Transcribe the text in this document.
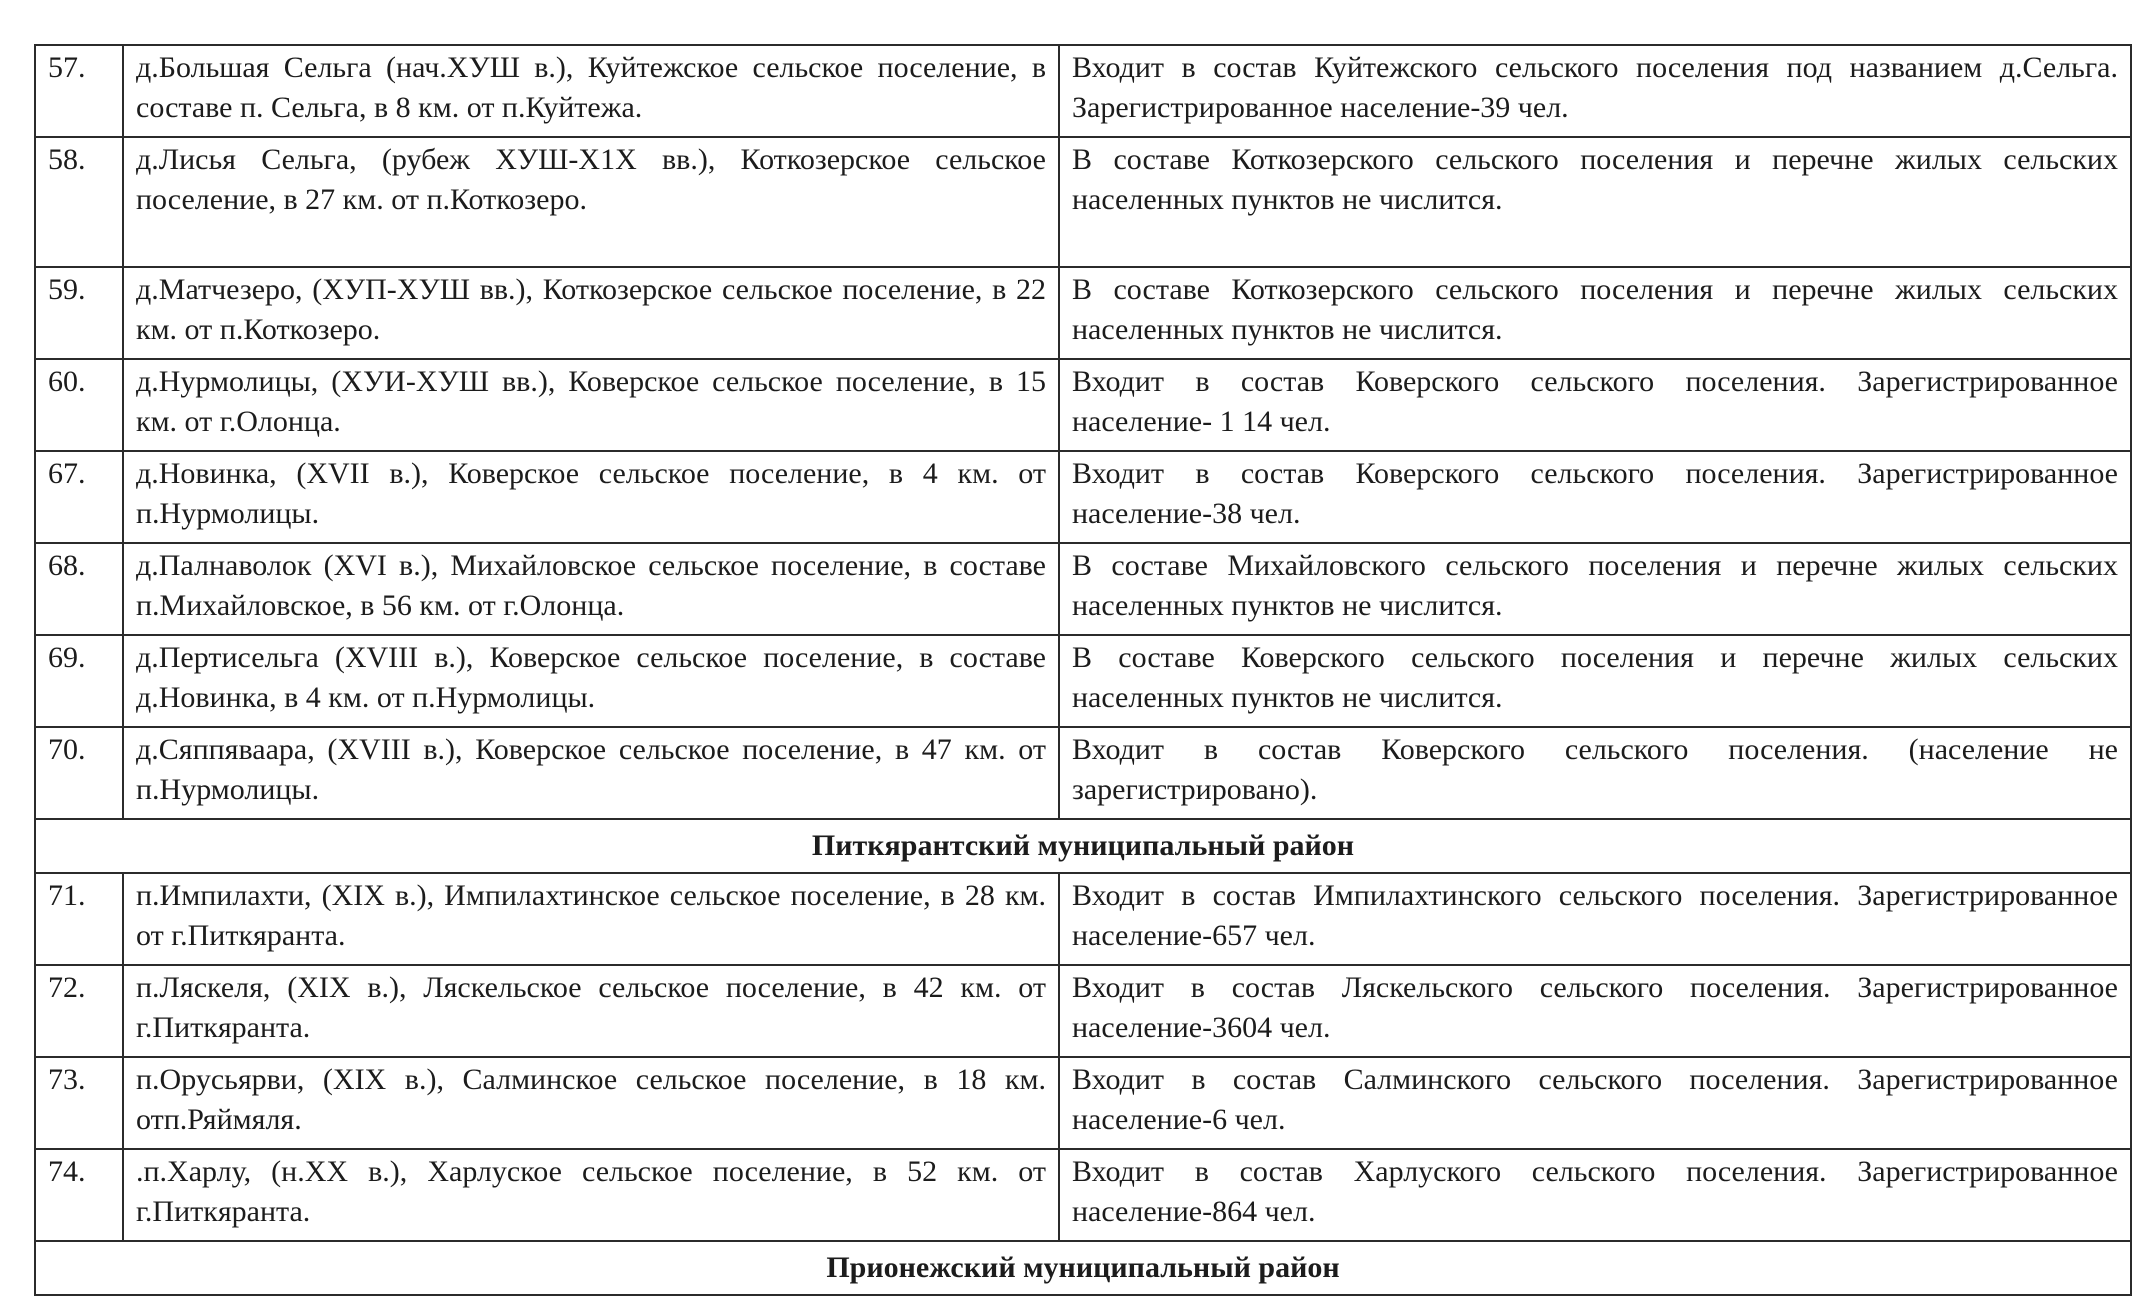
57.	д.Большая Сельга (нач.ХУШ в.), Куйтежское сельское поселение, в составе п. Сельга, в 8 км. от п.Куйтежа.	Входит в состав Куйтежского сельского поселения под названием д.Сельга. Зарегистрированное население-39 чел.
58.	д.Лисья Сельга, (рубеж ХУШ-Х1Х вв.), Коткозерское сельское поселение, в 27 км. от п.Коткозеро.	В составе Коткозерского сельского поселения и перечне жилых сельских населенных пунктов не числится.
59.	д.Матчезеро, (ХУП-ХУШ вв.), Коткозерское сельское поселение, в 22 км. от п.Коткозеро.	В составе Коткозерского сельского поселения и перечне жилых сельских населенных пунктов не числится.
60.	д.Нурмолицы, (ХУИ-ХУШ вв.), Коверское сельское поселение, в 15 км. от г.Олонца.	Входит в состав Коверского сельского поселения. Зарегистрированное население- 1 14 чел.
67.	д.Новинка, (XVII в.), Коверское сельское поселение, в 4 км. от п.Нурмолицы.	Входит в состав Коверского сельского поселения. Зарегистрированное население-38 чел.
68.	д.Палнаволок (XVI в.), Михайловское сельское поселение, в составе п.Михайловское, в 56 км. от г.Олонца.	В составе Михайловского сельского поселения и перечне жилых сельских населенных пунктов не числится.
69.	д.Пертисельга (XVIII в.), Коверское сельское поселение, в составе д.Новинка, в 4 км. от п.Нурмолицы.	В составе Коверского сельского поселения и перечне жилых сельских населенных пунктов не числится.
70.	д.Сяппяваара, (XVIII в.), Коверское сельское поселение, в 47 км. от п.Нурмолицы.	Входит в состав Коверского сельского поселения. (население не зарегистрировано).
Питкярантский муниципальный район		
71.	п.Импилахти, (XIX в.), Импилахтинское сельское поселение, в 28 км. от г.Питкяранта.	Входит в состав Импилахтинского сельского поселения. Зарегистрированное население-657 чел.
72.	п.Ляскеля, (XIX в.), Ляскельское сельское поселение, в 42 км. от г.Питкяранта.	Входит в состав Ляскельского сельского поселения. Зарегистрированное население-3604 чел.
73.	п.Орусьярви, (XIX в.), Салминское сельское поселение, в 18 км. отп.Ряймяля.	Входит в состав Салминского сельского поселения. Зарегистрированное население-6 чел.
74.	.п.Харлу, (н.XX в.), Харлуское сельское поселение, в 52 км. от г.Питкяранта.	Входит в состав Харлуского сельского поселения. Зарегистрированное население-864 чел.
Прионежский муниципальный район		
